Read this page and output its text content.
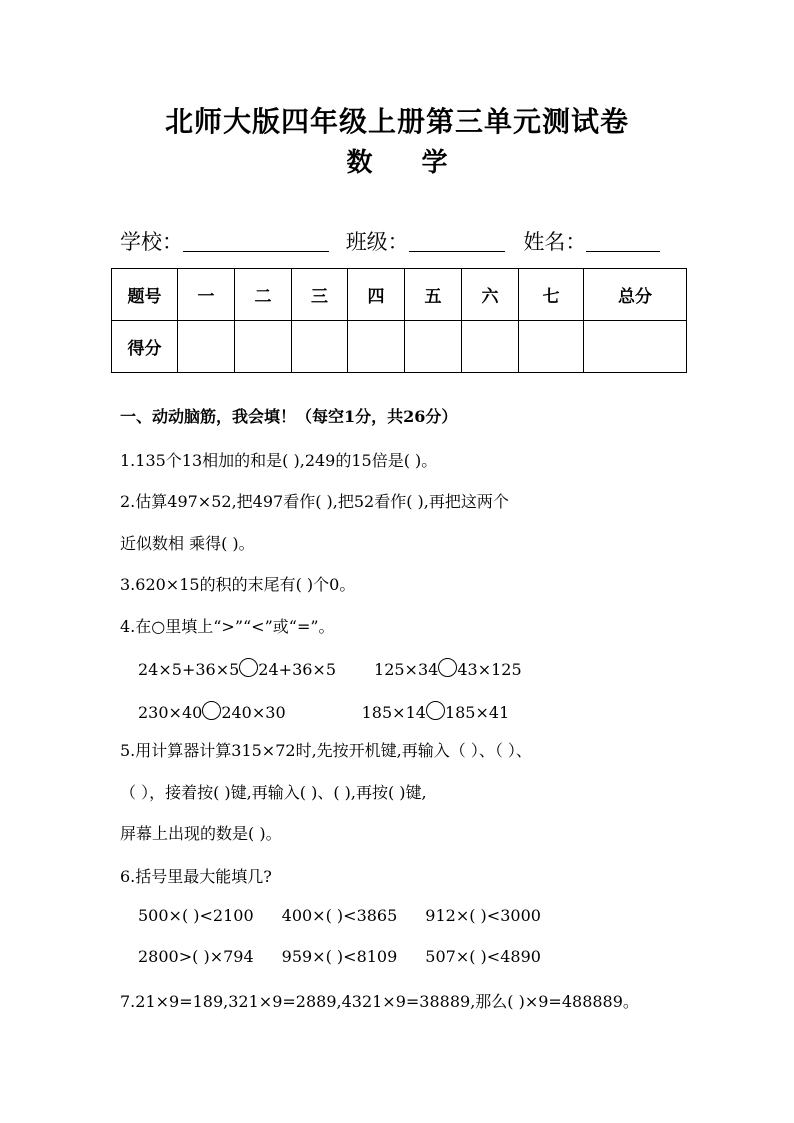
北师大版四年级上册第三单元测试卷
数 学
学校：	班级：	姓名：
题号	一	二	三	四	五	六	七	总分
得分								
一、动动脑筋，我会填！（每空1分，共26分）
1.135个13相加的和是( ),249的15倍是( )。
2.估算497×52,把497看作( ),把52看作( ),再把这两个
近似数相 乘得( )。
3.620×15的积的末尾有( )个0。
4.在○里填上“>”“<”或“=”。
24×5+36×5 24+36×5 125×34 43×125
230×40 240×30	185×14 185×41
5.用计算器计算315×72时,先按开机键,再输入（ ）、（ ）、
（ ），接着按( )键,再输入( )、( ),再按( )键,
屏幕上出现的数是( )。
6.括号里最大能填几?
500×( )<2100 400×( )<3865 912×( )<3000
2800>( )×794 959×( )<8109 507×( )<4890
7.21×9=189,321×9=2889,4321×9=38889,那么( )×9=488889。
